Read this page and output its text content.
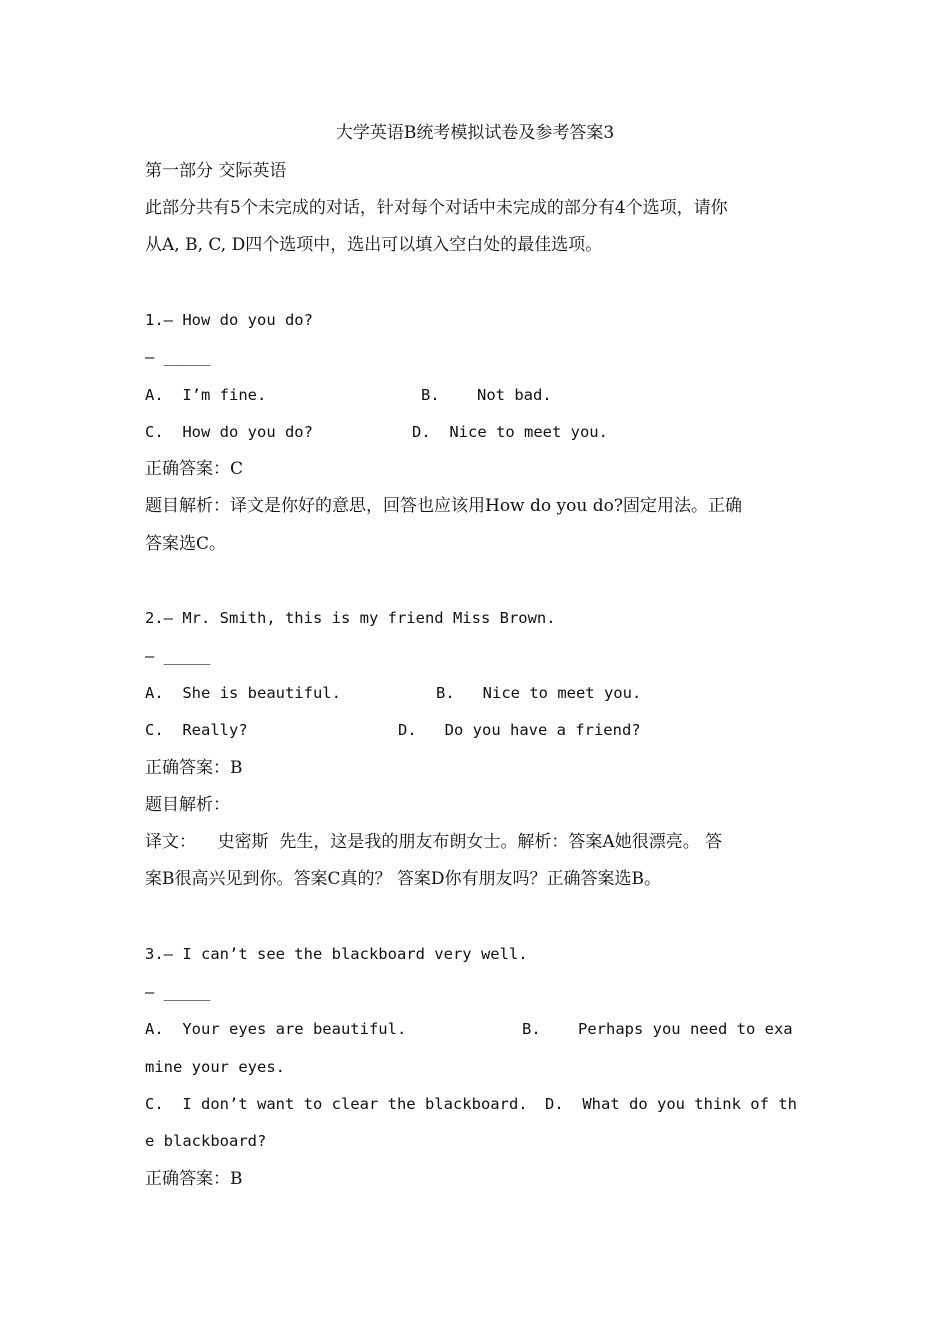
大学英语B统考模拟试卷及参考答案3
第一部分 交际英语
此部分共有5个未完成的对话，针对每个对话中未完成的部分有4个选项，请你
从A, B, C, D四个选项中，选出可以填入空白处的最佳选项。
1.— How do you do?
— _____
A.  I’m fine.	B.    Not bad.
C.  How do you do?	D.  Nice to meet you.
正确答案：C
题目解析：译文是你好的意思，回答也应该用How do you do?固定用法。正确
答案选C。
2.— Mr. Smith, this is my friend Miss Brown.
— _____
A.  She is beautiful.	B.   Nice to meet you.
C.  Really?	D.   Do you have a friend?
正确答案：B
题目解析：
译文：    史密斯  先生，这是我的朋友布朗女士。解析：答案A她很漂亮。 答
案B很高兴见到你。答案C真的？ 答案D你有朋友吗？正确答案选B。
3.— I can’t see the blackboard very well.
— _____
A.  Your eyes are beautiful.	B.    Perhaps you need to exa
mine your eyes.
C.  I don’t want to clear the blackboard. D.  What do you think of th
e blackboard?
正确答案：B
